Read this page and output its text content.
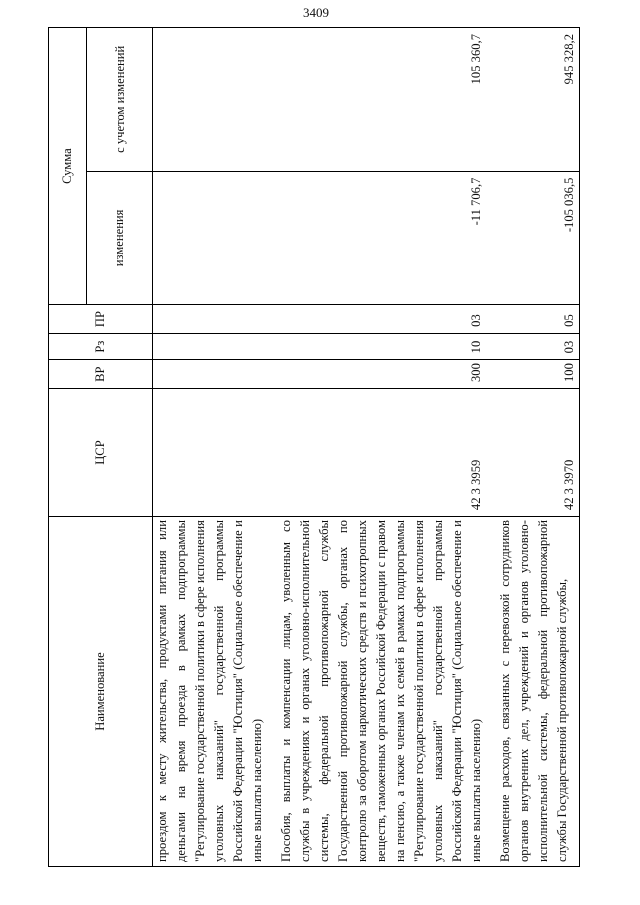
3409
Наименование	ЦСР	ВР	Рз	ПР	Сумма	
					изменения	с учетом изменений
проездом к месту жительства, продуктами питания или деньгами на время проезда в рамках подпрограммы "Регулирование государственной политики в сфере исполнения уголовных наказаний" государственной программы Российской Федерации "Юстиция" (Социальное обеспечение и иные выплаты населению)						

Пособия, выплаты и компенсации лицам, уволенным со службы в учреждениях и органах уголовно-исполнительной системы, федеральной противопожарной службы Государственной противопожарной службы, органах по контролю за оборотом наркотических средств и психотропных веществ, таможенных органах Российской Федерации с правом на пенсию, а также членам их семей в рамках подпрограммы "Регулирование государственной политики в сфере исполнения уголовных наказаний" государственной программы Российской Федерации "Юстиция" (Социальное обеспечение и иные выплаты населению)	42 3 3959	300	10	03	-11 706,7	105 360,7

Возмещение расходов, связанных с перевозкой сотрудников органов внутренних дел, учреждений и органов уголовно-исполнительной системы, федеральной противопожарной службы Государственной противопожарной службы,	42 3 3970	100	03	05	-105 036,5	945 328,2
